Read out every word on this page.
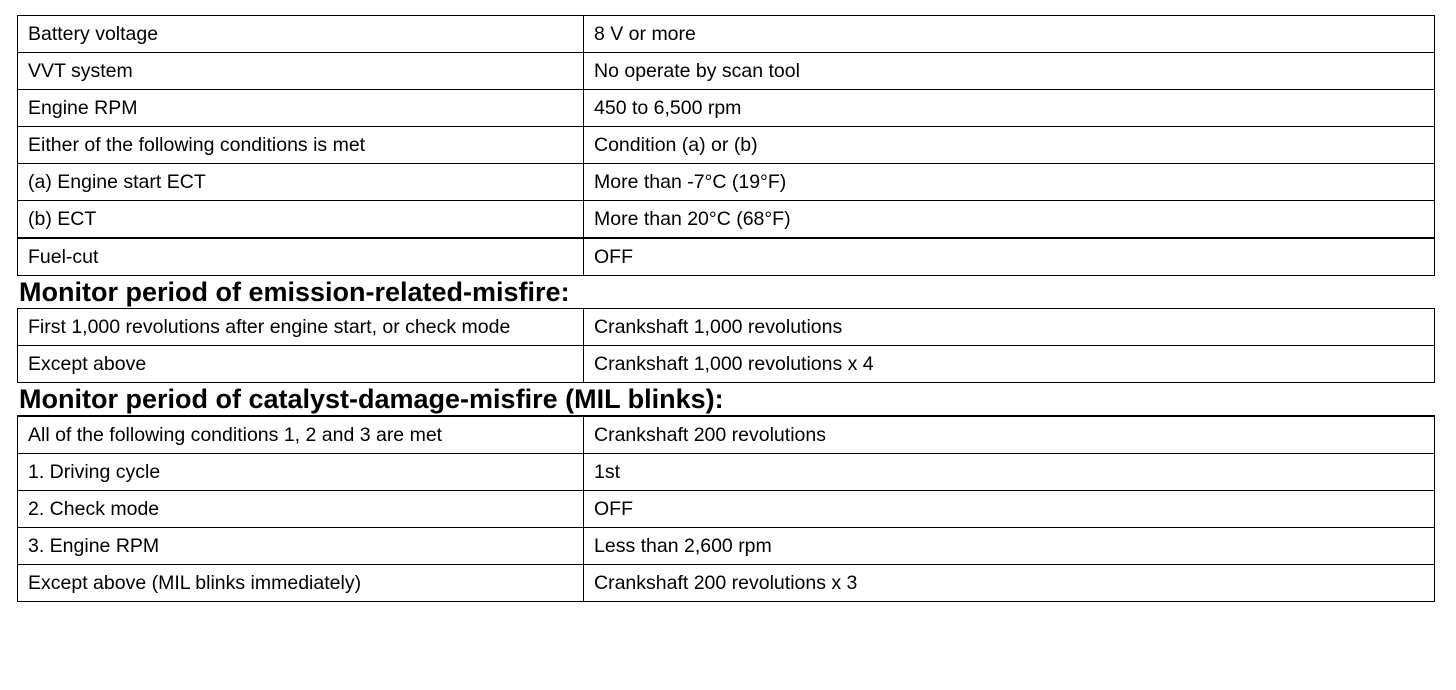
Battery voltage	8 V or more
VVT system	No operate by scan tool
Engine RPM	450 to 6,500 rpm
Either of the following conditions is met	Condition (a) or (b)
(a) Engine start ECT	More than -7°C (19°F)
(b) ECT	More than 20°C (68°F)
Fuel-cut	OFF
Monitor period of emission-related-misfire:
First 1,000 revolutions after engine start, or check mode	Crankshaft 1,000 revolutions
Except above	Crankshaft 1,000 revolutions x 4
Monitor period of catalyst-damage-misfire (MIL blinks):
All of the following conditions 1, 2 and 3 are met	Crankshaft 200 revolutions
1. Driving cycle	1st
2. Check mode	OFF
3. Engine RPM	Less than 2,600 rpm
Except above (MIL blinks immediately)	Crankshaft 200 revolutions x 3
